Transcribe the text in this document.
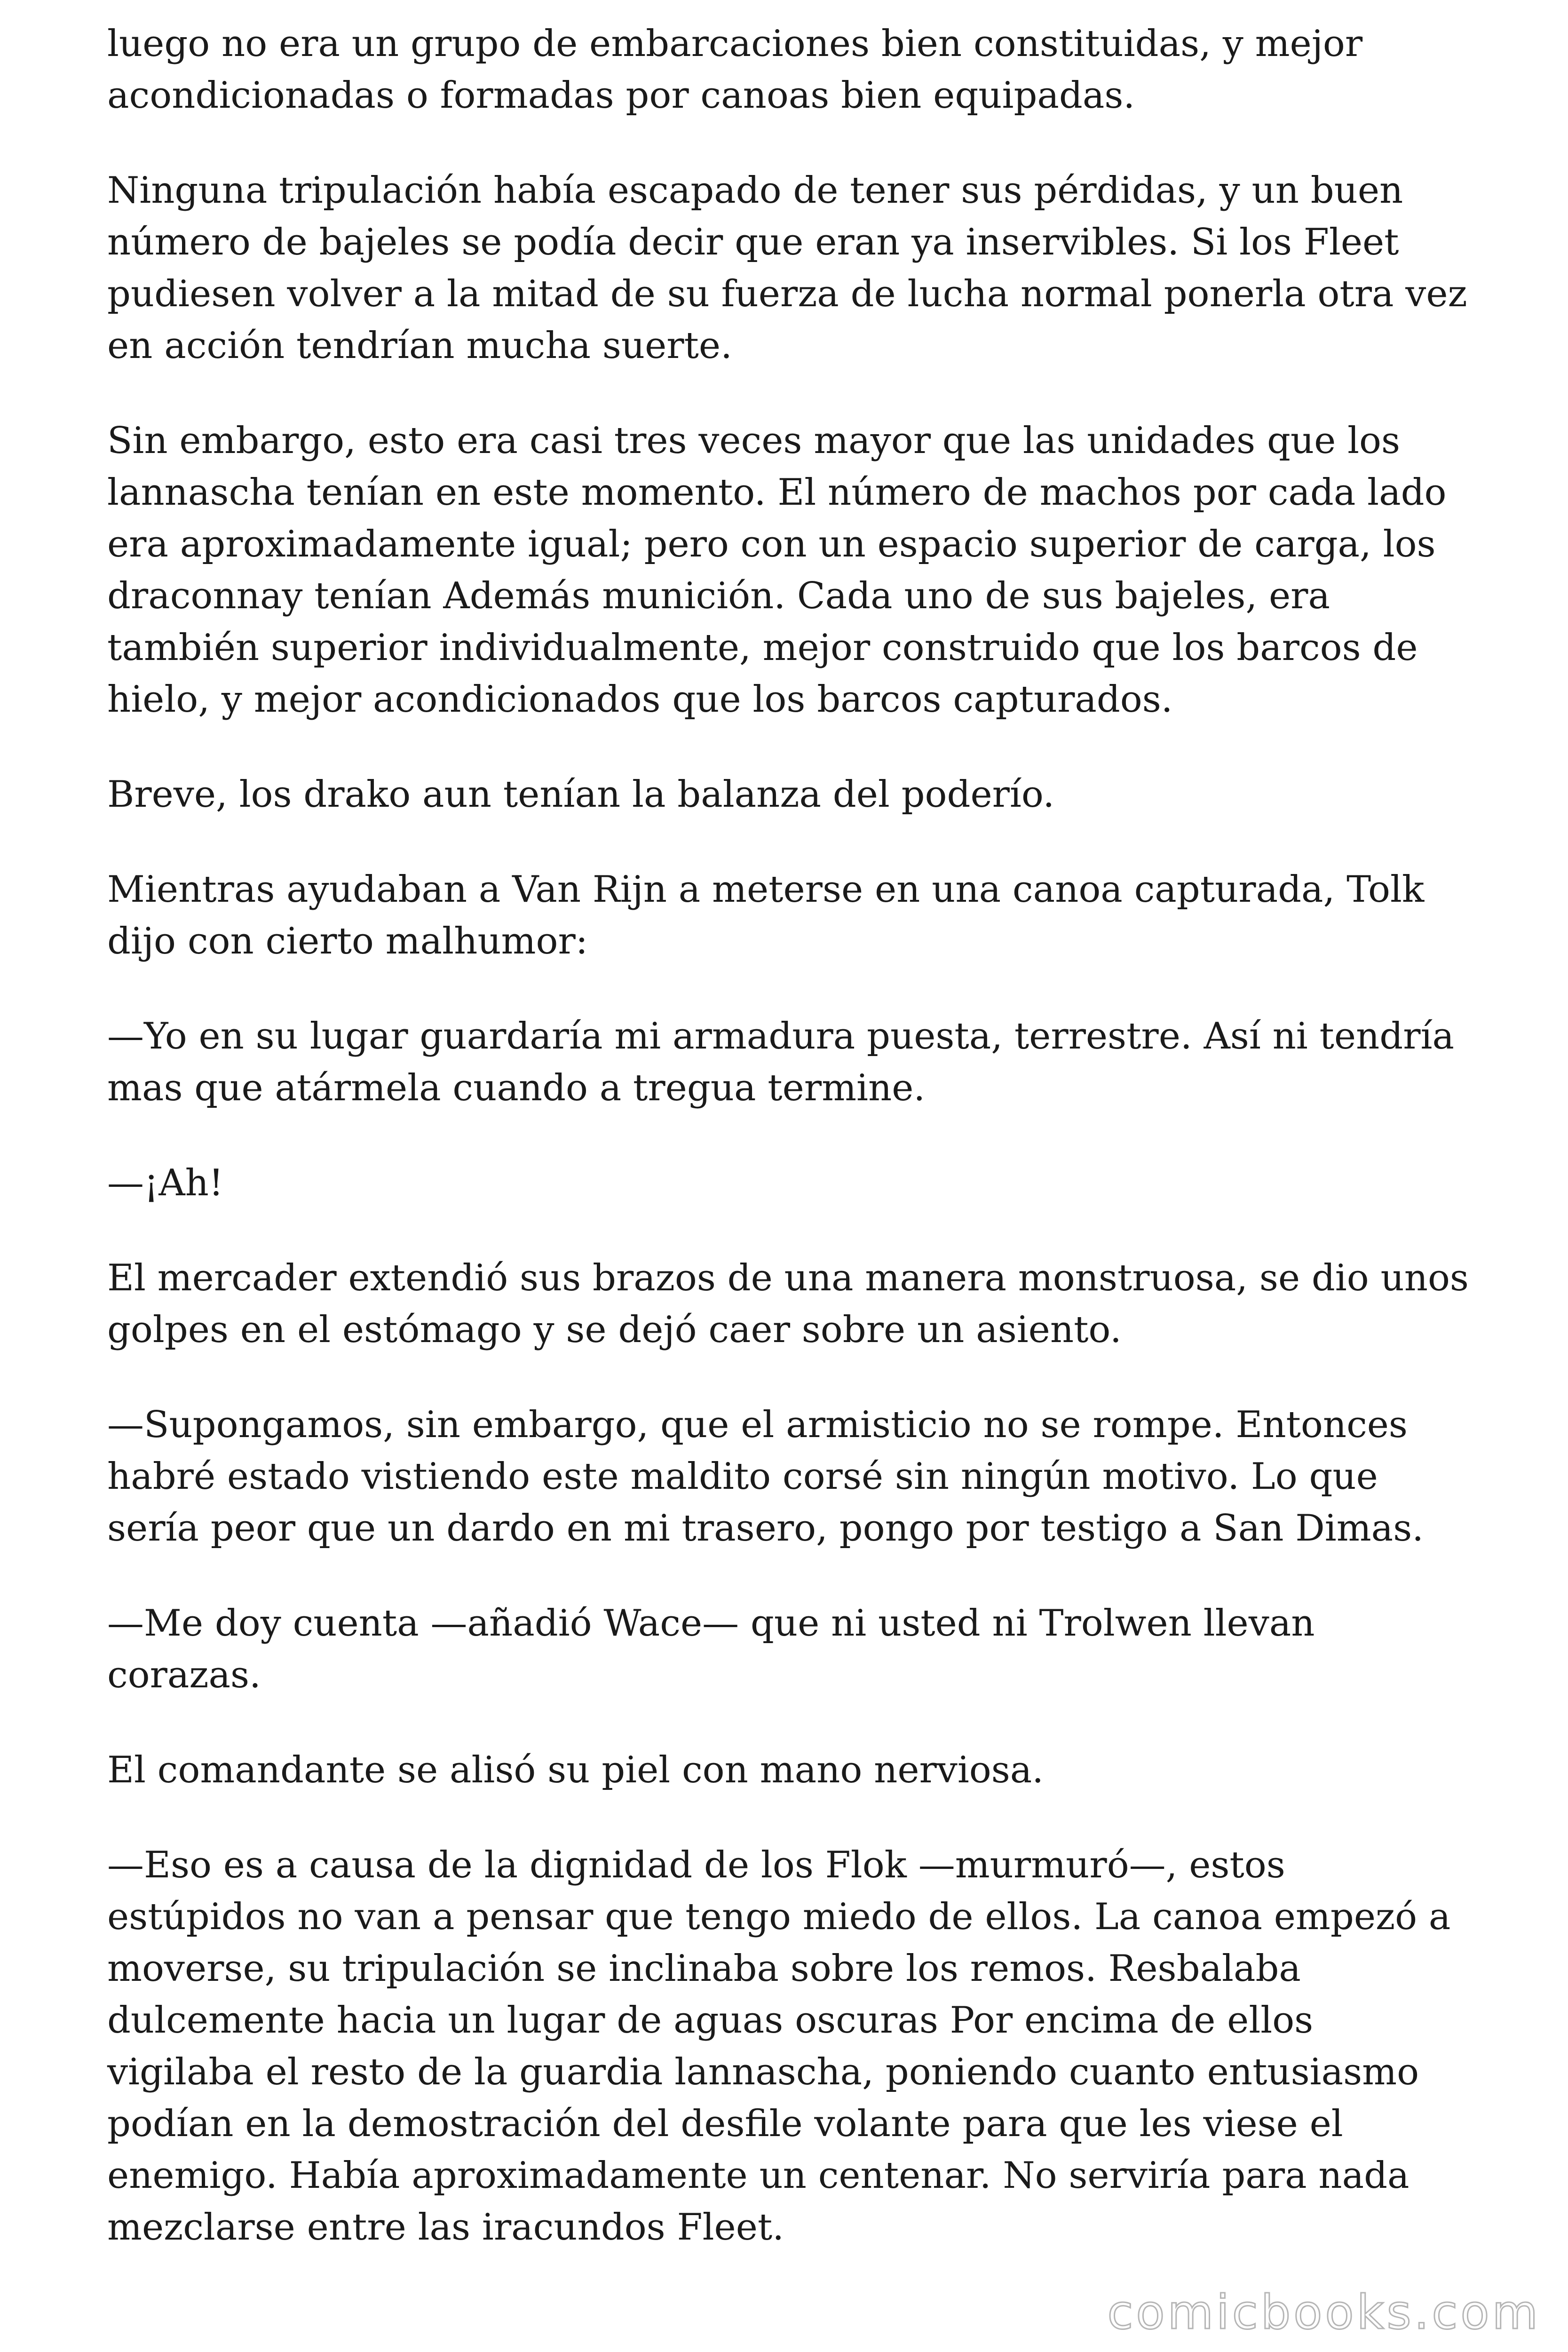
luego no era un grupo de embarcaciones bien constituidas, y mejor acondicionadas o formadas por canoas bien equipadas.

Ninguna tripulación había escapado de tener sus pérdidas, y un buen número de bajeles se podía decir que eran ya inservibles. Si los Fleet pudiesen volver a la mitad de su fuerza de lucha normal ponerla otra vez en acción tendrían mucha suerte.

Sin embargo, esto era casi tres veces mayor que las unidades que los lannascha tenían en este momento. El número de machos por cada lado era aproximadamente igual; pero con un espacio superior de carga, los draconnay tenían Además munición. Cada uno de sus bajeles, era también superior individualmente, mejor construido que los barcos de hielo, y mejor acondicionados que los barcos capturados.

Breve, los drako aun tenían la balanza del poderío.

Mientras ayudaban a Van Rijn a meterse en una canoa capturada, Tolk dijo con cierto malhumor:

—Yo en su lugar guardaría mi armadura puesta, terrestre. Así ni tendría mas que atármela cuando a tregua termine.

—¡Ah!

El mercader extendió sus brazos de una manera monstruosa, se dio unos golpes en el estómago y se dejó caer sobre un asiento.

—Supongamos, sin embargo, que el armisticio no se rompe. Entonces habré estado vistiendo este maldito corsé sin ningún motivo. Lo que sería peor que un dardo en mi trasero, pongo por testigo a San Dimas.

—Me doy cuenta —añadió Wace— que ni usted ni Trolwen llevan corazas.

El comandante se alisó su piel con mano nerviosa.

—Eso es a causa de la dignidad de los Flok —murmuró—, estos estúpidos no van a pensar que tengo miedo de ellos. La canoa empezó a moverse, su tripulación se inclinaba sobre los remos. Resbalaba dulcemente hacia un lugar de aguas oscuras Por encima de ellos vigilaba el resto de la guardia lannascha, poniendo cuanto entusiasmo podían en la demostración del desfile volante para que les viese el enemigo. Había aproximadamente un centenar. No serviría para nada mezclarse entre las iracundos Fleet.

comicbooks.com
